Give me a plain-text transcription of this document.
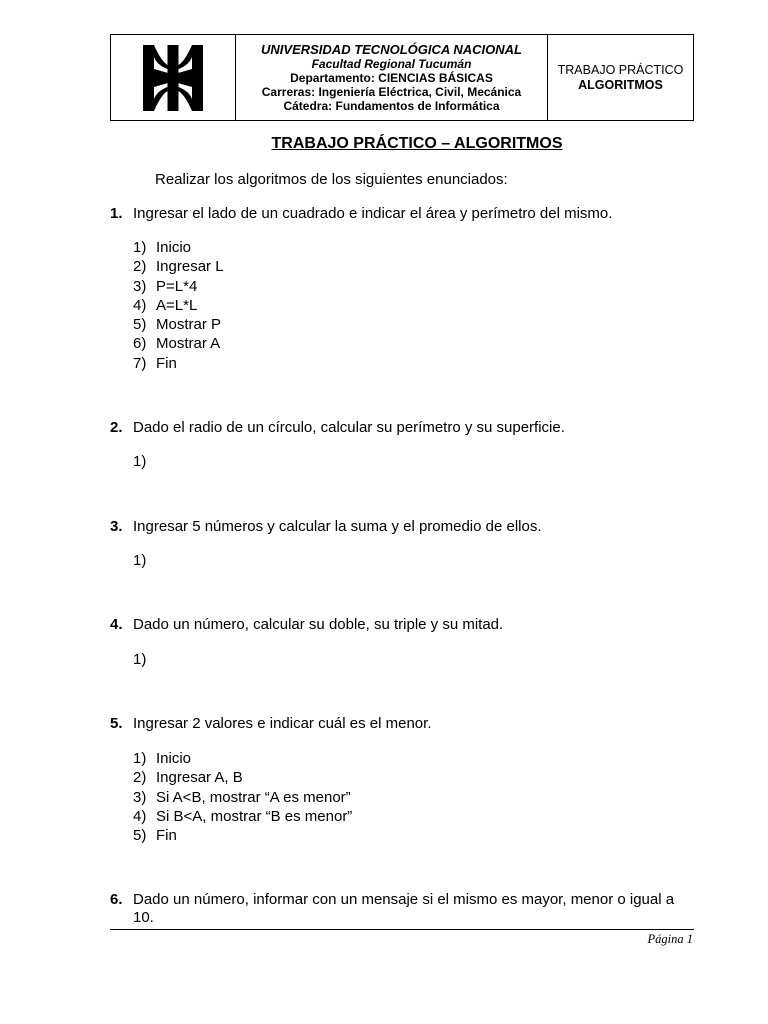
UNIVERSIDAD TECNOLÓGICA NACIONAL
Facultad Regional Tucumán
Departamento: CIENCIAS BÁSICAS
Carreras: Ingeniería Eléctrica, Civil, Mecánica
Cátedra: Fundamentos de Informática
TRABAJO PRÁCTICO
ALGORITMOS
TRABAJO PRÁCTICO – ALGORITMOS
Realizar los algoritmos de los siguientes enunciados:
1. Ingresar el lado de un cuadrado e indicar el área y perímetro del mismo.
1) Inicio
2) Ingresar L
3) P=L*4
4) A=L*L
5) Mostrar P
6) Mostrar A
7) Fin
2. Dado el radio de un círculo, calcular su perímetro y su superficie.
1)
3. Ingresar 5 números y calcular la suma y el promedio de ellos.
1)
4. Dado un número, calcular su doble, su triple y su mitad.
1)
5. Ingresar 2 valores e indicar cuál es el menor.
1) Inicio
2) Ingresar A, B
3) Si A<B, mostrar “A es menor”
4) Si B<A, mostrar “B es menor”
5) Fin
6. Dado un número, informar con un mensaje si el mismo es mayor, menor o igual a 10.
Página 1
